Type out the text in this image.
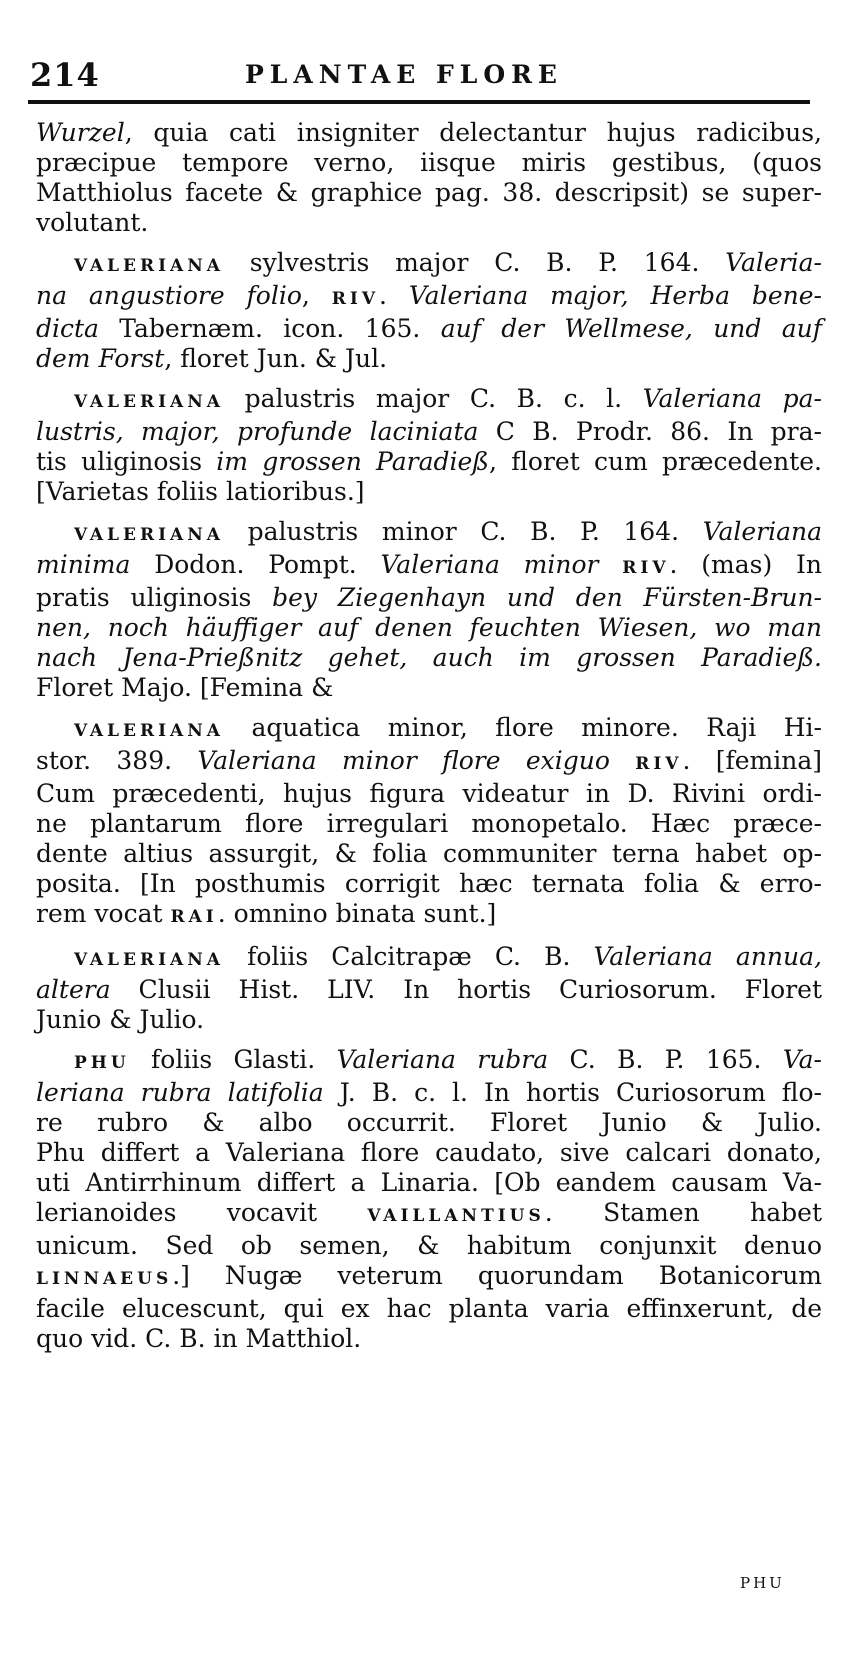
214	PLANTAE FLORE
Wurzel, quia cati insigniter delectantur hujus radicibus,
præcipue tempore verno, iisque miris gestibus, (quos
Matthiolus facete & graphice pag. 38. descripsit) se super-
volutant.
VALERIANA sylvestris major C. B. P. 164. Valeria-
na angustiore folio, RIV. Valeriana major, Herba bene-
dicta Tabernæm. icon. 165. auf der Wellmese, und auf
dem Forst, floret Jun. & Jul.
VALERIANA palustris major C. B. c. l. Valeriana pa-
lustris, major, profunde laciniata C B. Prodr. 86. In pra-
tis uliginosis im grossen Paradieß, floret cum præcedente.
[Varietas foliis latioribus.]
VALERIANA palustris minor C. B. P. 164. Valeriana
minima Dodon. Pompt. Valeriana minor RIV. (mas) In
pratis uliginosis bey Ziegenhayn und den Fürsten-Brun-
nen, noch häuffiger auf denen feuchten Wiesen, wo man
nach Jena-Prießnitz gehet, auch im grossen Paradieß.
Floret Majo. [Femina &
VALERIANA aquatica minor, flore minore. Raji Hi-
stor. 389. Valeriana minor flore exiguo RIV. [femina]
Cum præcedenti, hujus figura videatur in D. Rivini ordi-
ne plantarum flore irregulari monopetalo. Hæc præce-
dente altius assurgit, & folia communiter terna habet op-
posita. [In posthumis corrigit hæc ternata folia & erro-
rem vocat RAI. omnino binata sunt.]
VALERIANA foliis Calcitrapæ C. B. Valeriana annua,
altera Clusii Hist. LIV. In hortis Curiosorum. Floret
Junio & Julio.
PHU foliis Glasti. Valeriana rubra C. B. P. 165. Va-
leriana rubra latifolia J. B. c. l. In hortis Curiosorum flo-
re rubro & albo occurrit. Floret Junio & Julio.
Phu differt a Valeriana flore caudato, sive calcari donato,
uti Antirrhinum differt a Linaria. [Ob eandem causam Va-
lerianoides vocavit VAILLANTIUS. Stamen habet
unicum. Sed ob semen, & habitum conjunxit denuo
LINNAEUS.] Nugæ veterum quorundam Botanicorum
facile elucescunt, qui ex hac planta varia effinxerunt, de
quo vid. C. B. in Matthiol.
PHU
